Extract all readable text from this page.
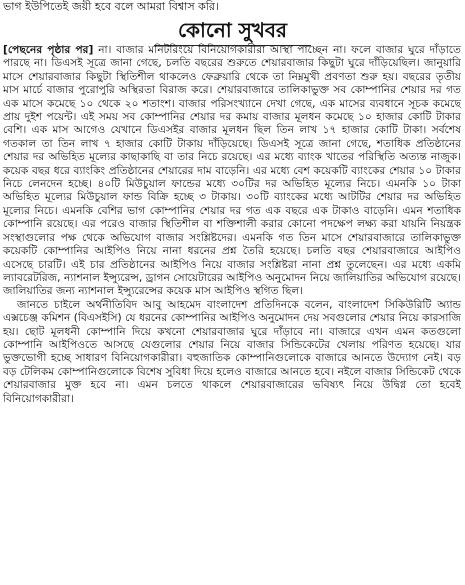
ভাগ ইউপিতেই জয়ী হবে বলে আমরা বিশ্বাস করি।
কোনো সুখবর

[পেছনের পৃষ্ঠার পর] না। বাজার মনিটরিংয়ে বিনিয়োগকারীরা আস্থা পাচ্ছেন না। ফলে বাজার ঘুরে দাঁড়াতে পারছে না। ডিএসই সূত্রে জানা গেছে, চলতি বছরের শুরুতে শেয়ারবাজার কিছুটা ঘুরে দাঁড়িয়েছিল। জানুয়ারি মাসে শেয়ারবাজার কিছুটা স্থিতিশীল থাকলেও ফেব্রুয়ারি থেকে তা নিম্নমুখী প্রবণতা শুরু হয়। বছরের তৃতীয় মাস মার্চে বাজার পুরোপুরি অস্থিরতা বিরাজ করে। শেয়ারবাজারে তালিকাভুক্ত সব কোম্পানির শেয়ার দর গত এক মাসে কমেছে ১০ থেকে ২০ শতাংশ। বাজার পরিসংখ্যানে দেখা গেছে, এক মাসের ব্যবধানে সূচক কমেছে প্রায় দুইশ পয়েন্ট। এই সময় সব কোম্পানির শেয়ার দর কমায় বাজার মূলধন কমেছে ১০ হাজার কোটি টাকার বেশি। এক মাস আগেও যেখানে ডিএসইর বাজার মূলধন ছিল তিন লাখ ১৭ হাজার কোটি টাকা। সর্বশেষ গতকাল তা তিন লাখ ৭ হাজার কোটি টাকায় দাঁড়িয়েছে। ডিএসই সূত্রে জানা গেছে, শতাধিক প্রতিষ্ঠানের শেয়ার দর অভিহিত মূল্যের কাছাকাছি বা তার নিচে রয়েছে। এর মধ্যে ব্যাংক খাতের পরিস্থিতি অত্যন্ত নাজুক। কয়েক বছর ধরে ব্যাংকিং প্রতিষ্ঠানের শেয়ারের দাম বাড়েনি। এর মধ্যে বেশ কয়েকটি ব্যাংকের শেয়ার ১০ টাকার নিচে লেনদেন হচ্ছে। ৪০টি মিউচুয়াল ফান্ডের মধ্যে ৩০টির দর অভিহিত মূল্যের নিচে। এমনকি ১০ টাকা অভিহিত মূল্যের মিউচুয়াল ফান্ড বিক্রি হচ্ছে ৩ টাকায়। ৩০টি ব্যাংকের মধ্যে আটটির শেয়ার দর অভিহিত মূল্যের নিচে। এমনকি বেশির ভাগ কোম্পানির শেয়ার দর গত এক বছরে এক টাকাও বাড়েনি। এমন শতাধিক কোম্পানি রয়েছে। এর পরেও বাজার স্থিতিশীল বা শক্তিশালী করার কোনো পদক্ষেপ লক্ষ্য করা যায়নি নিয়ন্ত্রক সংস্থাগুলোর পক্ষ থেকে অভিযোগ বাজার সংশ্লিষ্টদের। এমনকি গত তিন মাসে শেয়ারবাজারে তালিকাভুক্ত কয়েকটি কোম্পানির আইপিও নিয়ে নানা ধরনের প্রশ্ন তৈরি হয়েছে। চলতি বছর শেয়ারবাজারে আইপিও এসেছে চারটি। এই চার প্রতিষ্ঠানের আইপিও নিয়ে বাজার সংশ্লিষ্টরা নানা প্রশ্ন তুলেছেন। এর মধ্যে একমি ল্যাবরেটরিজ, ন্যাশনাল ইন্স্যুরেন্স, ড্রাগন সোয়েটারের আইপিও অনুমোদন নিয়ে জালিয়াতির অভিযোগ রয়েছে। জালিয়াতির জন্য ন্যাশনাল ইন্স্যুরেন্সের কয়েক মাস আইপিও স্থগিত ছিল।

জানতে চাইলে অর্থনীতিবিদ আবু আহমেদ বাংলাদেশ প্রতিদিনকে বলেন, বাংলাদেশ সিকিউরিটি অ্যান্ড এক্সচেঞ্জ কমিশন (বিএসইসি) যে ধরনের কোম্পানির আইপিও অনুমোদন দেয় সবগুলোর শেয়ার নিয়ে কারসাজি হয়। ছোট মূলধনী কোম্পানি দিয়ে কখনো শেয়ারবাজার ঘুরে দাঁড়াবে না। বাজারে এখন এমন কতগুলো কোম্পানি আইপিওতে আসছে যেগুলোর শেয়ার নিয়ে বাজার সিন্ডিকেটের খেলায় পরিণত হয়েছে। যার ভুক্তভোগী হচ্ছে সাধারণ বিনিয়োগকারীরা। বহুজাতিক কোম্পানিগুলোকে বাজারে আনতে উদ্যোগ নেই। বড় বড় টেলিকম কোম্পানিগুলোকে বিশেষ সুবিধা দিয়ে হলেও বাজারে আনতে হবে। নইলে বাজার সিন্ডিকেট থেকে শেয়ারবাজার মুক্ত হবে না। এমন চলতে থাকলে শেয়ারবাজারের ভবিষ্যৎ নিয়ে উদ্বিগ্ন তো হবেই বিনিয়োগকারীরা।
